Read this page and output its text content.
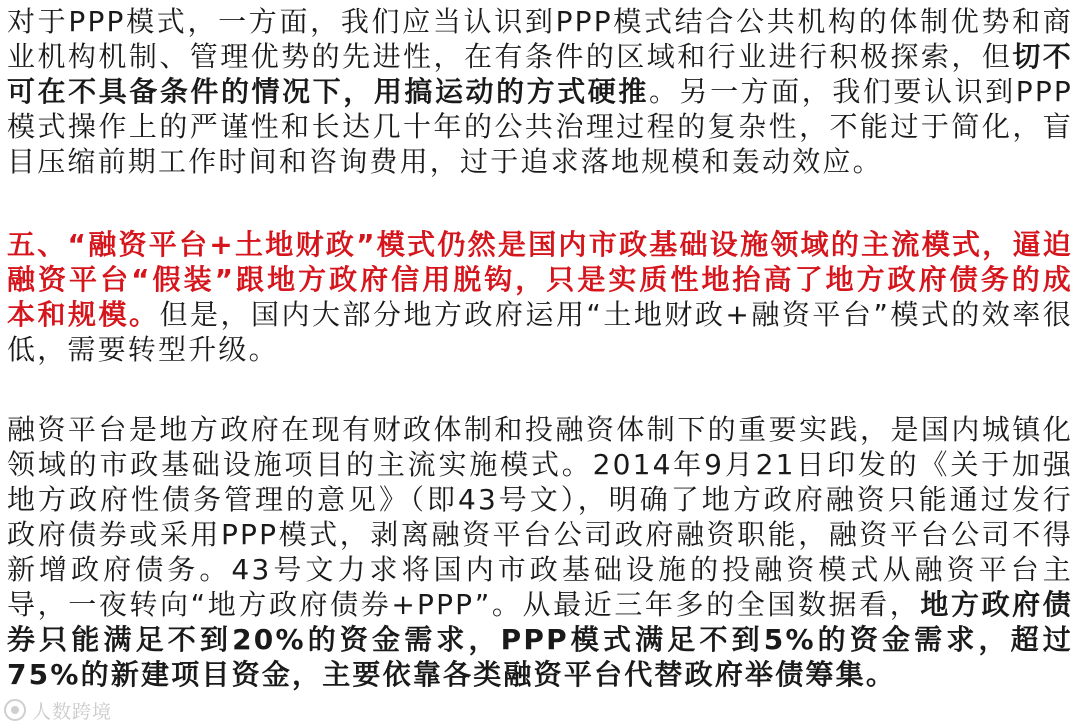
对于PPP模式，一方面，我们应当认识到PPP模式结合公共机构的体制优势和商业机构机制、管理优势的先进性，在有条件的区域和行业进行积极探索，但切不可在不具备条件的情况下，用搞运动的方式硬推。另一方面，我们要认识到PPP模式操作上的严谨性和长达几十年的公共治理过程的复杂性，不能过于简化，盲目压缩前期工作时间和咨询费用，过于追求落地规模和轰动效应。

五、“融资平台+土地财政”模式仍然是国内市政基础设施领域的主流模式，逼迫融资平台“假装”跟地方政府信用脱钩，只是实质性地抬高了地方政府债务的成本和规模。但是，国内大部分地方政府运用“土地财政+融资平台”模式的效率很低，需要转型升级。

融资平台是地方政府在现有财政体制和投融资体制下的重要实践，是国内城镇化领域的市政基础设施项目的主流实施模式。2014年9月21日印发的《关于加强地方政府性债务管理的意见》（即43号文），明确了地方政府融资只能通过发行政府债券或采用PPP模式，剥离融资平台公司政府融资职能，融资平台公司不得新增政府债务。43号文力求将国内市政基础设施的投融资模式从融资平台主导，一夜转向“地方政府债券+PPP”。从最近三年多的全国数据看，地方政府债券只能满足不到20%的资金需求，PPP模式满足不到5%的资金需求，超过75%的新建项目资金，主要依靠各类融资平台代替政府举债筹集。

人数跨境
